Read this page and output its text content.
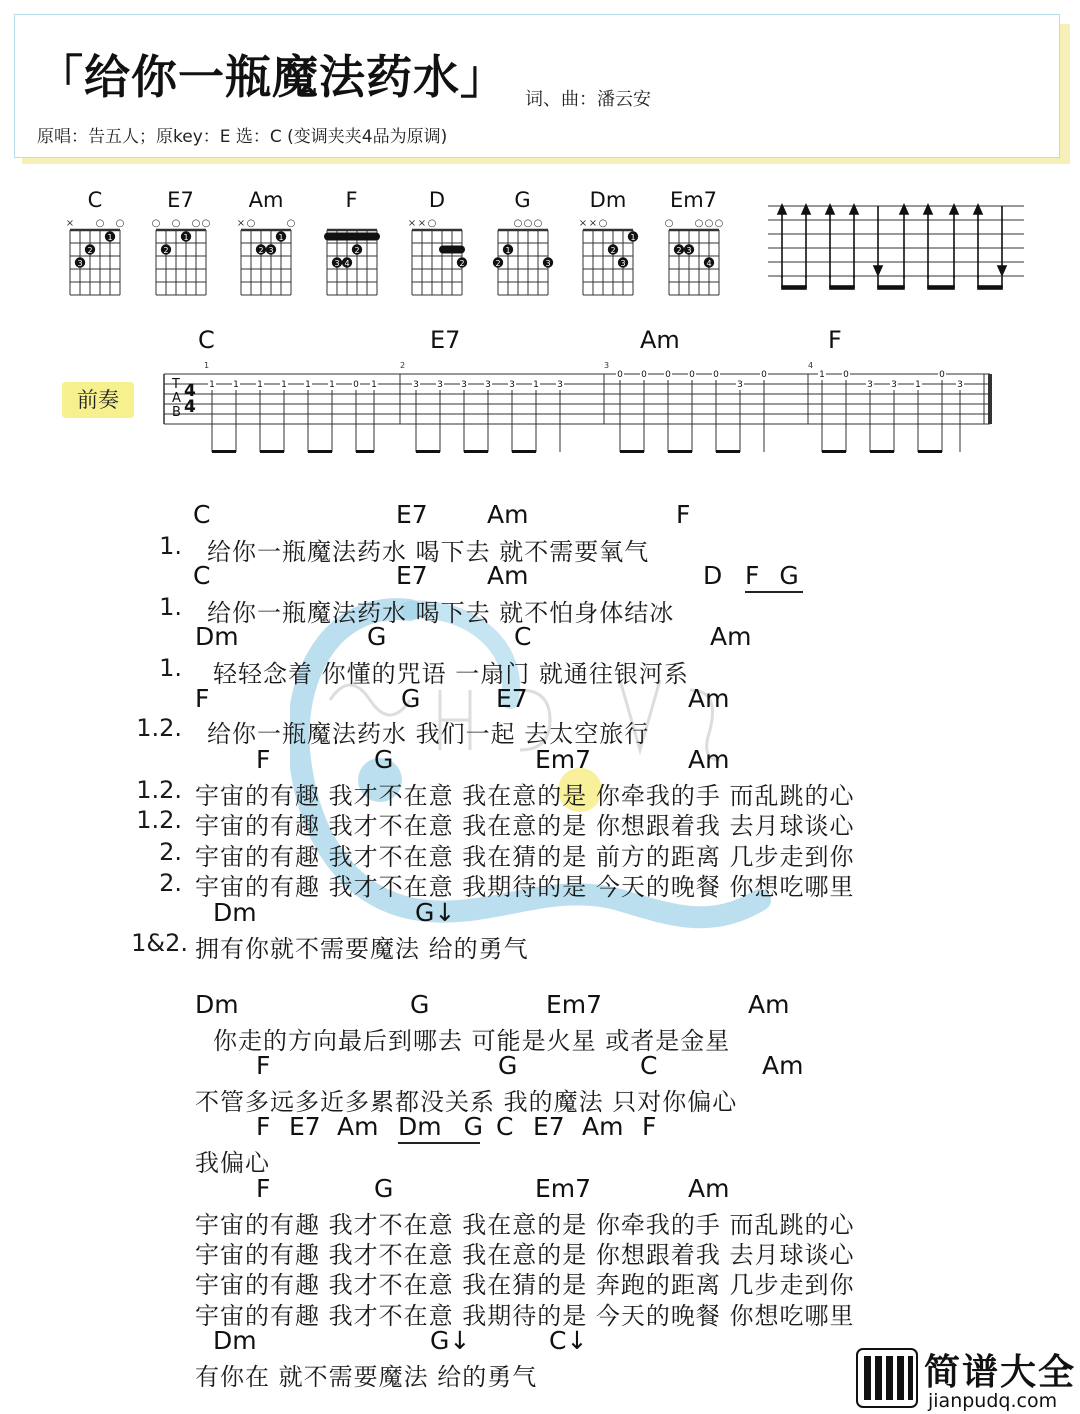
「给你一瓶魔法药水」 词、曲：潘云安
原唱：告五人；原key：E 选：C (变调夹夹4品为原调)
C
× ○ ○
3
2
1
E7
○ ○ ○ ○
2
1
Am
× ○	○
2 3
1
F
3 4
2
D
× × ○
2
G
○ ○ ○
2
1
3
Dm
× × ○
2
3
1
Em7
○ ○ ○ ○
2 3
4
前奏
C	E7	Am	F
T
A
B
4
4
1	2	3	4
1 1 1 1 1 1 0 1	3 3 3 3 3 1 3
0 0 0 0 0
3
0	1 0
3 3 1
0
3
C	E7 Am	F
1. 给你一瓶魔法药水 喝下去 就不需要氧气
C	E7 Am	D F G
1. 给你一瓶魔法药水 喝下去 就不怕身体结冰
Dm	G	C	Am
1. 轻轻念着 你懂的咒语 一扇门 就通往银河系
F	G	E7	Am
1.2. 给你一瓶魔法药水 我们一起 去太空旅行
F	G	Em7	Am
1.2. 宇宙的有趣 我才不在意 我在意的是 你牵我的手 而乱跳的心
1.2. 宇宙的有趣 我才不在意 我在意的是 你想跟着我 去月球谈心
2. 宇宙的有趣 我才不在意 我在猜的是 前方的距离 几步走到你
2. 宇宙的有趣 我才不在意 我期待的是 今天的晚餐 你想吃哪里
Dm	G↓
1&2. 拥有你就不需要魔法 给的勇气
Dm	G	Em7	Am
你走的方向最后到哪去 可能是火星 或者是金星
F	G	C	Am
不管多远多近多累都没关系 我的魔法 只对你偏心
F E7 Am Dm G C E7 Am F
我偏心
F	G	Em7	Am
宇宙的有趣 我才不在意 我在意的是 你牵我的手 而乱跳的心
宇宙的有趣 我才不在意 我在意的是 你想跟着我 去月球谈心
宇宙的有趣 我才不在意 我在猜的是 奔跑的距离 几步走到你
宇宙的有趣 我才不在意 我期待的是 今天的晚餐 你想吃哪里
Dm	G↓	C↓
有你在 就不需要魔法 给的勇气	简谱大全
jianpudq.com
